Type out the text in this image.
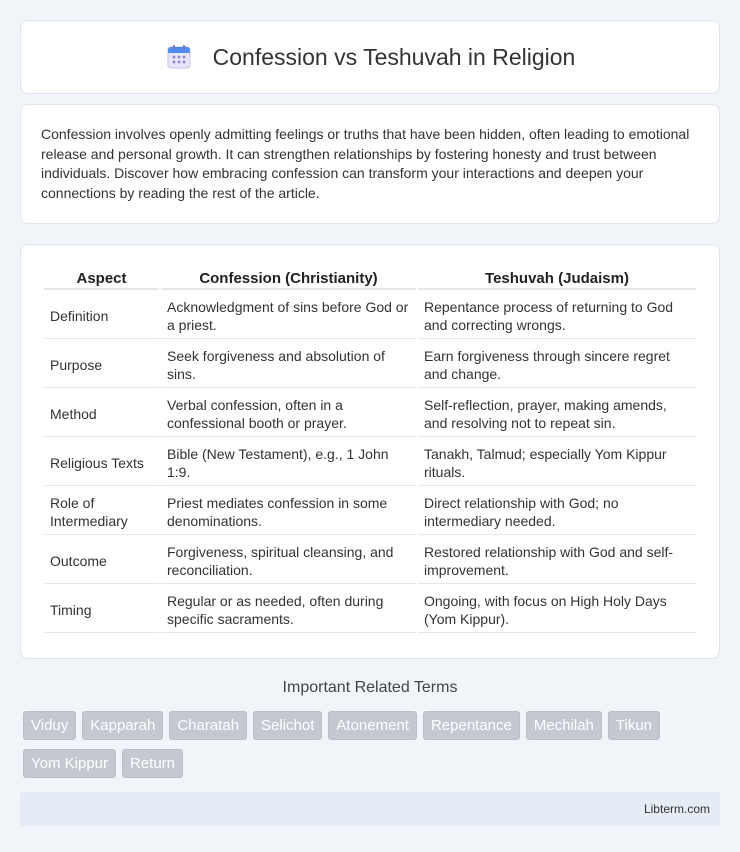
Confession vs Teshuvah in Religion

Confession involves openly admitting feelings or truths that have been hidden, often leading to emotional release and personal growth. It can strengthen relationships by fostering honesty and trust between individuals. Discover how embracing confession can transform your interactions and deepen your connections by reading the rest of the article.

Aspect	Confession (Christianity)	Teshuvah (Judaism)
Definition	Acknowledgment of sins before God or a priest.	Repentance process of returning to God and correcting wrongs.
Purpose	Seek forgiveness and absolution of sins.	Earn forgiveness through sincere regret and change.
Method	Verbal confession, often in a confessional booth or prayer.	Self-reflection, prayer, making amends, and resolving not to repeat sin.
Religious Texts	Bible (New Testament), e.g., 1 John 1:9.	Tanakh, Talmud; especially Yom Kippur rituals.
Role of Intermediary	Priest mediates confession in some denominations.	Direct relationship with God; no intermediary needed.
Outcome	Forgiveness, spiritual cleansing, and reconciliation.	Restored relationship with God and self-improvement.
Timing	Regular or as needed, often during specific sacraments.	Ongoing, with focus on High Holy Days (Yom Kippur).
Important Related Terms
Viduy	Kapparah	Charatah	Selichot	Atonement	Repentance	Mechilah	Tikun
Yom Kippur	Return
Libterm.com
